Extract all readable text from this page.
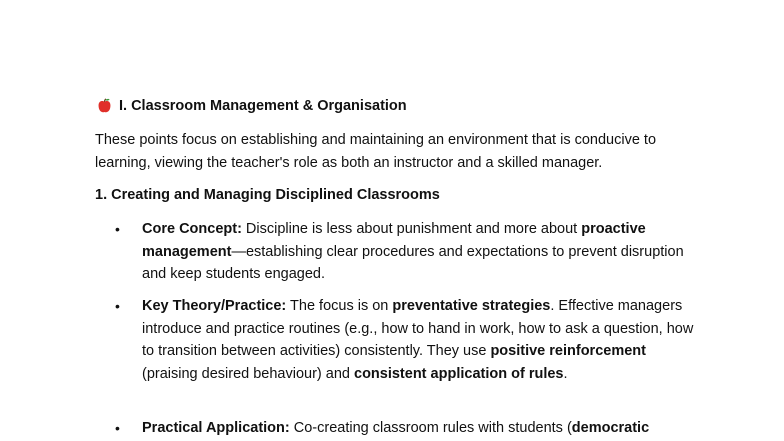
I. Classroom Management & Organisation
These points focus on establishing and maintaining an environment that is conducive to learning, viewing the teacher's role as both an instructor and a skilled manager.
1. Creating and Managing Disciplined Classrooms
• Core Concept: Discipline is less about punishment and more about proactive management—establishing clear procedures and expectations to prevent disruption and keep students engaged.
• Key Theory/Practice: The focus is on preventative strategies. Effective managers introduce and practice routines (e.g., how to hand in work, how to ask a question, how to transition between activities) consistently. They use positive reinforcement (praising desired behaviour) and consistent application of rules.
• Practical Application: Co-creating classroom rules with students (democratic
